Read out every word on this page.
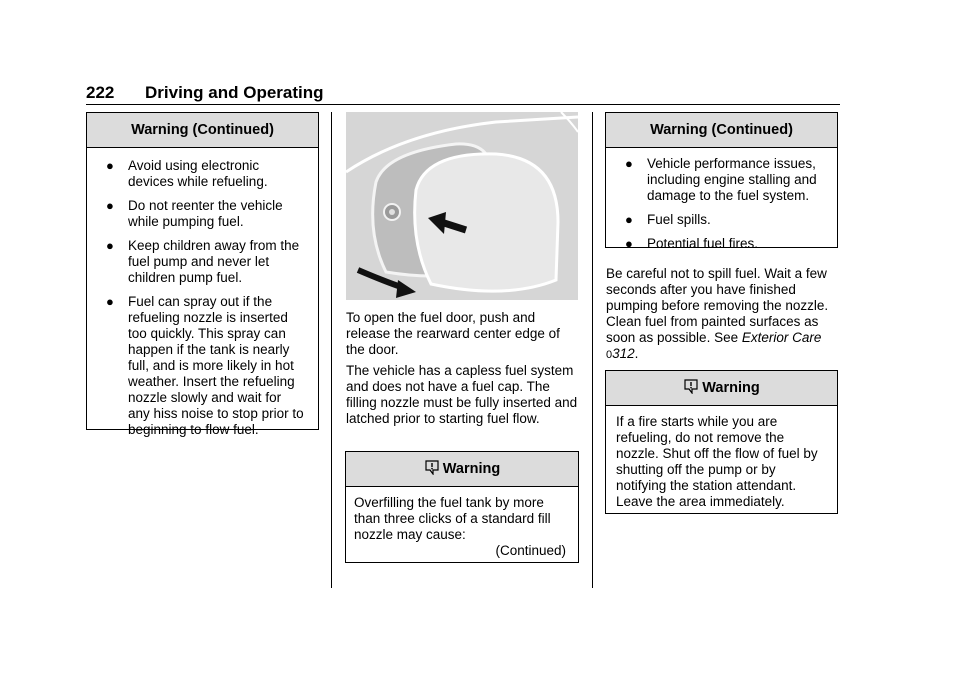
222 Driving and Operating
Warning (Continued)
● Avoid using electronic devices while refueling.
● Do not reenter the vehicle while pumping fuel.
● Keep children away from the fuel pump and never let children pump fuel.
● Fuel can spray out if the refueling nozzle is inserted too quickly. This spray can happen if the tank is nearly full, and is more likely in hot weather. Insert the refueling nozzle slowly and wait for any hiss noise to stop prior to beginning to flow fuel.
To open the fuel door, push and release the rearward center edge of the door.
The vehicle has a capless fuel system and does not have a fuel cap. The filling nozzle must be fully inserted and latched prior to starting fuel flow.
Warning

Overfilling the fuel tank by more than three clicks of a standard fill nozzle may cause:

(Continued)

Warning (Continued)
● Vehicle performance issues, including engine stalling and damage to the fuel system.
● Fuel spills.
● Potential fuel fires.
Be careful not to spill fuel. Wait a few seconds after you have finished pumping before removing the nozzle. Clean fuel from painted surfaces as soon as possible. See Exterior Care 0312.
Warning

If a fire starts while you are refueling, do not remove the nozzle. Shut off the flow of fuel by shutting off the pump or by notifying the station attendant. Leave the area immediately.
